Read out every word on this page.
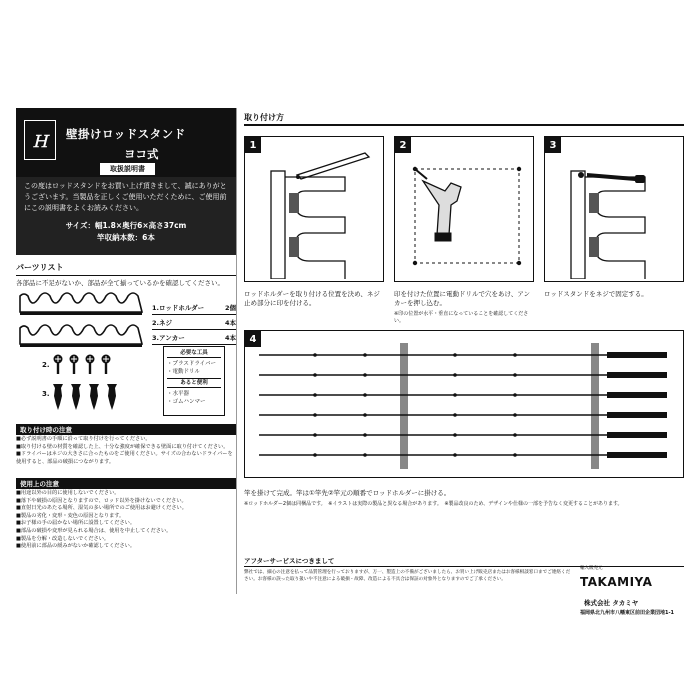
Ｈ	壁掛けロッドスタンド
ヨコ式
取扱説明書
この度はロッドスタンドをお買い上げ頂きまして、誠にありがとうございます。当製品を正しくご使用いただくために、ご使用前にこの説明書をよくお読みください。
サイズ：幅1.8×奥行6×高さ37cm
竿収納本数：6本
パーツリスト
各部品に不足がないか、部品が全て揃っているかを確認してください。
1.ロッドホルダー	2個
2.ネジ	4本
3.アンカー	4本
2.
3.
必要な工具
・プラスドライバー
・電動ドリル
あると便利
・水平器
・ゴムハンマー
取り付け時の注意
■必ず説明書の手順に沿って取り付けを行ってください。
■取り付ける壁の材質を確認した上、十分な強度が確保できる壁面に取り付けてください。
■ドライバーはネジの大きさに合ったものをご使用ください。サイズの合わないドライバーを使用すると、部品の破損につながります。
使用上の注意
■用途以外の目的に使用しないでください。
■落下や破損の原因となりますので、ロッド以外を掛けないでください。
■直射日光のあたる場所、湿気の多い場所でのご使用はお避けください。
■製品の劣化・変形・変色の原因となります。
■お子様の手の届かない場所に設置してください。
■部品の破損や変形が見られる場合は、使用を中止してください。
■製品を分解・改造しないでください。
■使用前に部品の緩みがないか確認してください。
取り付け方
1
ロッドホルダーを取り付ける位置を決め、ネジ止め部分に印を付ける。
2
印を付けた位置に電動ドリルで穴をあけ、アンカーを押し込む。
※印の位置が水平・垂直になっていることを確認してください。
3
ロッドスタンドをネジで固定する。
4
竿を掛けて完成。竿は①竿先②竿元の順番でロッドホルダーに掛ける。
※ロッドホルダー2個は同梱品です。　※イラストは実際の製品と異なる場合があります。　※製品改良のため、デザインや仕様の一部を予告なく変更することがあります。
アフターサービスにつきまして
弊社では、細心の注意を払って品質管理を行っておりますが、万一、製造上の不備がございましたら、お買い上げ販売店またはお客様相談窓口までご連絡ください。お客様の誤った取り扱いや不注意による破損・故障、改造による不具合は保証の対象外となりますのでご了承ください。
輸入販売元
TAKAMIYA株式会社 タカミヤ
福岡県北九州市八幡東区前田企業団地1-1
